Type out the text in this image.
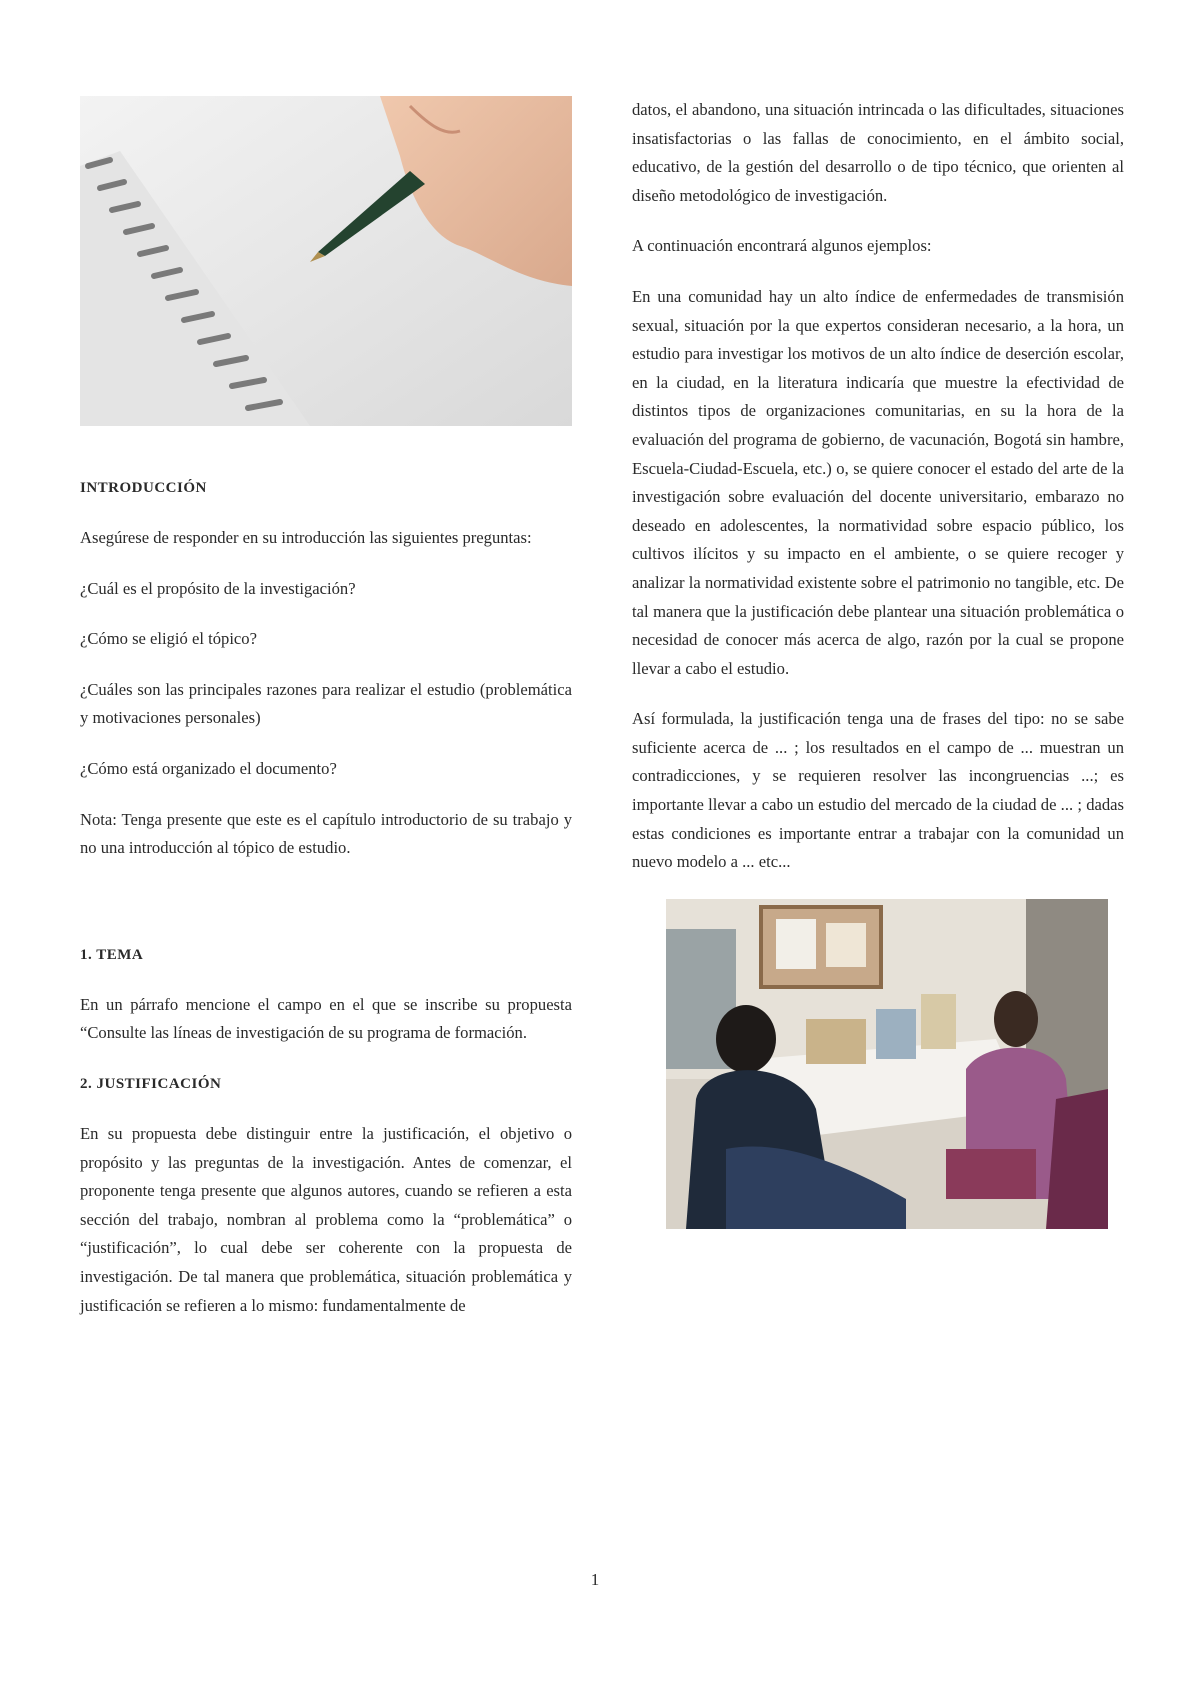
INTRODUCCIÓN

Asegúrese de responder en su introducción las siguientes preguntas:

¿Cuál es el propósito de la investigación?

¿Cómo se eligió el tópico?

¿Cuáles son las principales razones para realizar el estudio (problemática y motivaciones personales)

¿Cómo está organizado el documento?

Nota: Tenga presente que este es el capítulo introductorio de su trabajo y no una introducción al tópico de estudio.

1. TEMA

En un párrafo mencione el campo en el que se inscribe su propuesta “Consulte las líneas de investigación de su programa de formación.

2. JUSTIFICACIÓN

En su propuesta debe distinguir entre la justificación, el objetivo o propósito y las preguntas de la investigación. Antes de comenzar, el proponente tenga presente que algunos autores, cuando se refieren a esta sección del trabajo, nombran al problema como la “problemática” o “justificación”, lo cual debe ser coherente con la propuesta de investigación. De tal manera que problemática, situación problemática y justificación se refieren a lo mismo: fundamentalmente de

datos, el abandono, una situación intrincada o las dificultades, situaciones insatisfactorias o las fallas de conocimiento, en el ámbito social, educativo, de la gestión del desarrollo o de tipo técnico, que orienten al diseño metodológico de investigación.

A continuación encontrará algunos ejemplos:

En una comunidad hay un alto índice de enfermedades de transmisión sexual, situación por la que expertos consideran necesario, a la hora, un estudio para investigar los motivos de un alto índice de deserción escolar, en la ciudad, en la literatura indicaría que muestre la efectividad de distintos tipos de organizaciones comunitarias, en su la hora de la evaluación del programa de gobierno, de vacunación, Bogotá sin hambre, Escuela-Ciudad-Escuela, etc.) o, se quiere conocer el estado del arte de la investigación sobre evaluación del docente universitario, embarazo no deseado en adolescentes, la normatividad sobre espacio público, los cultivos ilícitos y su impacto en el ambiente, o se quiere recoger y analizar la normatividad existente sobre el patrimonio no tangible, etc. De tal manera que la justificación debe plantear una situación problemática o necesidad de conocer más acerca de algo, razón por la cual se propone llevar a cabo el estudio.

Así formulada, la justificación tenga una de frases del tipo: no se sabe suficiente acerca de ... ; los resultados en el campo de ... muestran un contradicciones, y se requieren resolver las incongruencias ...; es importante llevar a cabo un estudio del mercado de la ciudad de ... ; dadas estas condiciones es importante entrar a trabajar con la comunidad un nuevo modelo a ... etc...

1
